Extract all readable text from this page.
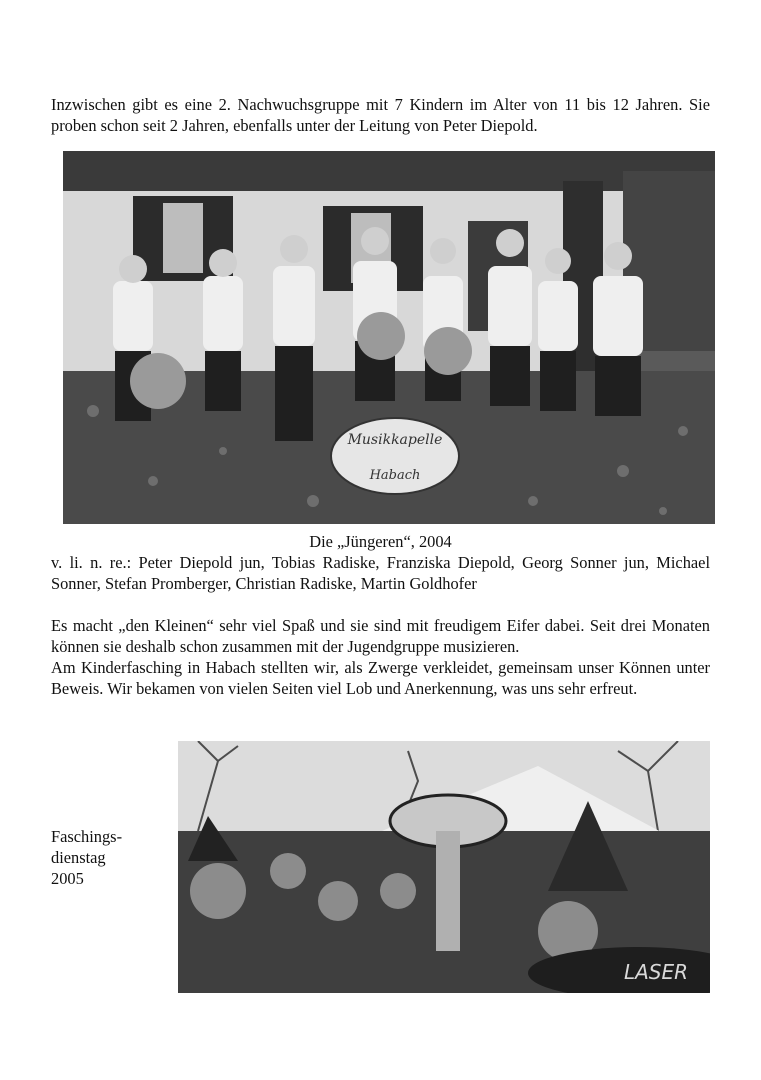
Inzwischen gibt es eine 2. Nachwuchsgruppe mit 7 Kindern im Alter von 11 bis 12 Jahren. Sie proben schon seit 2 Jahren, ebenfalls unter der Leitung von Peter Diepold.

Musikkapelle
Habach
Die „Jüngeren“, 2004

v. li. n. re.: Peter Diepold jun, Tobias Radiske, Franziska Diepold, Georg Sonner jun, Michael Sonner, Stefan Promberger, Christian Radiske, Martin Goldhofer

Es macht „den Kleinen“ sehr viel Spaß und sie sind mit freudigem Eifer dabei. Seit drei Monaten können sie deshalb schon zusammen mit der Jugendgruppe musizieren.

Am Kinderfasching in Habach stellten wir, als Zwerge verkleidet, gemeinsam unser Können unter Beweis. Wir bekamen von vielen Seiten viel Lob und Anerkennung, was uns sehr erfreut.

Faschings-
dienstag
2005
LASER
